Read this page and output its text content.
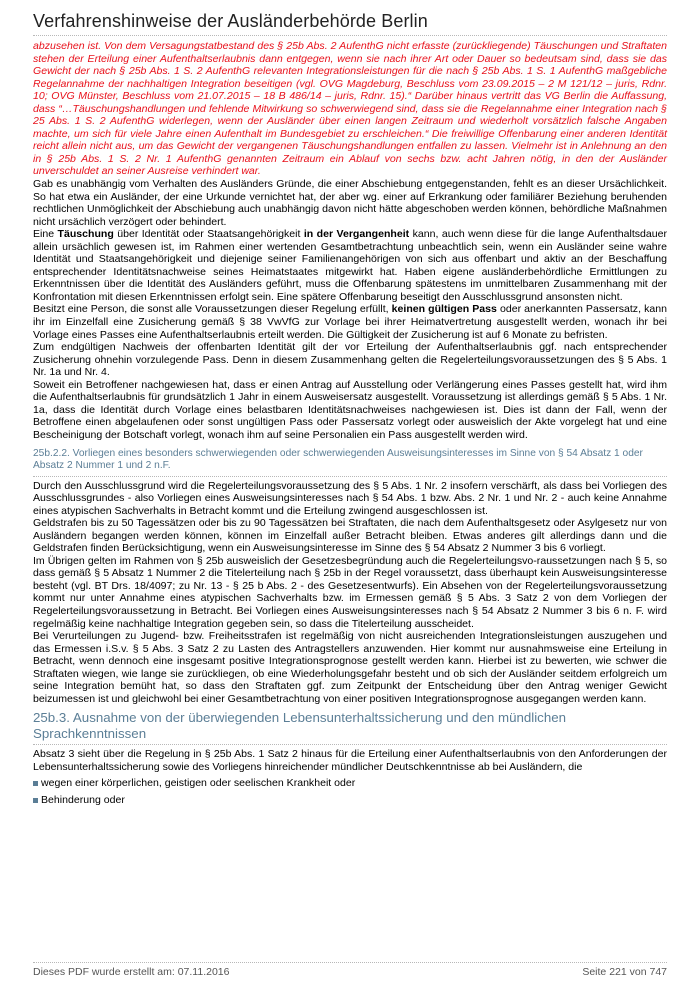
Verfahrenshinweise der Ausländerbehörde Berlin

abzusehen ist. Von dem Versagungstatbestand des § 25b Abs. 2 AufenthG nicht erfasste (zurückliegende) Täuschungen und Straftaten stehen der Erteilung einer Aufenthaltserlaubnis dann entgegen, wenn sie nach ihrer Art oder Dauer so bedeutsam sind, dass sie das Gewicht der nach § 25b Abs. 1 S. 2 AufenthG relevanten Integrationsleistungen für die nach § 25b Abs. 1 S. 1 AufenthG maßgebliche Regelannahme der nachhaltigen Integration beseitigen (vgl. OVG Magdeburg, Beschluss vom 23.09.2015 – 2 M 121/12 – juris, Rdnr. 10; OVG Münster, Beschluss vom 21.07.2015 – 18 B 486/14 – juris, Rdnr. 15).“ Darüber hinaus vertritt das VG Berlin die Auffassung, dass “…Täuschungshandlungen und fehlende Mitwirkung so schwerwiegend sind, dass sie die Regelannahme einer Integration nach § 25 Abs. 1 S. 2 AufenthG widerlegen, wenn der Ausländer über einen langen Zeitraum und wiederholt vorsätzlich falsche Angaben machte, um sich für viele Jahre einen Aufenthalt im Bundesgebiet zu erschleichen.“ Die freiwillige Offenbarung einer anderen Identität reicht allein nicht aus, um das Gewicht der vergangenen Täuschungshandlungen entfallen zu lassen. Vielmehr ist in Anlehnung an den in § 25b Abs. 1 S. 2 Nr. 1 AufenthG genannten Zeitraum ein Ablauf von sechs bzw. acht Jahren nötig, in den der Ausländer unverschuldet an seiner Ausreise verhindert war.

Gab es unabhängig vom Verhalten des Ausländers Gründe, die einer Abschiebung entgegenstanden, fehlt es an dieser Ursächlichkeit. So hat etwa ein Ausländer, der eine Urkunde vernichtet hat, der aber wg. einer auf Erkrankung oder familiärer Beziehung beruhenden rechtlichen Unmöglichkeit der Abschiebung auch unabhängig davon nicht hätte abgeschoben werden können, behördliche Maßnahmen nicht ursächlich verzögert oder behindert.

Eine Täuschung über Identität oder Staatsangehörigkeit in der Vergangenheit kann, auch wenn diese für die lange Aufenthaltsdauer allein ursächlich gewesen ist, im Rahmen einer wertenden Gesamtbetrachtung unbeachtlich sein, wenn ein Ausländer seine wahre Identität und Staatsangehörigkeit und diejenige seiner Familienangehörigen von sich aus offenbart und aktiv an der Beschaffung entsprechender Identitätsnachweise seines Heimatstaates mitgewirkt hat. Haben eigene ausländerbehördliche Ermittlungen zu Erkenntnissen über die Identität des Ausländers geführt, muss die Offenbarung spätestens im unmittelbaren Zusammenhang mit der Konfrontation mit diesen Erkenntnissen erfolgt sein. Eine spätere Offenbarung beseitigt den Ausschlussgrund ansonsten nicht.

Besitzt eine Person, die sonst alle Voraussetzungen dieser Regelung erfüllt, keinen gültigen Pass oder anerkannten Passersatz, kann ihr im Einzelfall eine Zusicherung gemäß § 38 VwVfG zur Vorlage bei ihrer Heimatvertretung ausgestellt werden, wonach ihr bei Vorlage eines Passes eine Aufenthaltserlaubnis erteilt werden. Die Gültigkeit der Zusicherung ist auf 6 Monate zu befristen.

Zum endgültigen Nachweis der offenbarten Identität gilt der vor Erteilung der Aufenthaltserlaubnis ggf. nach entsprechender Zusicherung ohnehin vorzulegende Pass. Denn in diesem Zusammenhang gelten die Regelerteilungsvoraussetzungen des § 5 Abs. 1 Nr. 1a und Nr. 4.

Soweit ein Betroffener nachgewiesen hat, dass er einen Antrag auf Ausstellung oder Verlängerung eines Passes gestellt hat, wird ihm die Aufenthaltserlaubnis für grundsätzlich 1 Jahr in einem Ausweisersatz ausgestellt. Voraussetzung ist allerdings gemäß § 5 Abs. 1 Nr. 1a, dass die Identität durch Vorlage eines belastbaren Identitätsnachweises nachgewiesen ist. Dies ist dann der Fall, wenn der Betroffene einen abgelaufenen oder sonst ungültigen Pass oder Passersatz vorlegt oder ausweislich der Akte vorgelegt hat und eine Bescheinigung der Botschaft vorlegt, wonach ihm auf seine Personalien ein Pass ausgestellt werden wird.

25b.2.2. Vorliegen eines besonders schwerwiegenden oder schwerwiegenden Ausweisungsinteresses im Sinne von § 54 Absatz 1 oder Absatz 2 Nummer 1 und 2 n.F.

Durch den Ausschlussgrund wird die Regelerteilungsvoraussetzung des § 5 Abs. 1 Nr. 2 insofern verschärft, als dass bei Vorliegen des Ausschlussgrundes - also Vorliegen eines Ausweisungsinteresses nach § 54 Abs. 1 bzw. Abs. 2 Nr. 1 und Nr. 2 - auch keine Annahme eines atypischen Sachverhalts in Betracht kommt und die Erteilung zwingend ausgeschlossen ist.

Geldstrafen bis zu 50 Tagessätzen oder bis zu 90 Tagessätzen bei Straftaten, die nach dem Aufenthaltsgesetz oder Asylgesetz nur von Ausländern begangen werden können, können im Einzelfall außer Betracht bleiben. Etwas anderes gilt allerdings dann und die Geldstrafen finden Berücksichtigung, wenn ein Ausweisungsinteresse im Sinne des § 54 Absatz 2 Nummer 3 bis 6 vorliegt.

Im Übrigen gelten im Rahmen von § 25b ausweislich der Gesetzesbegründung auch die Regelerteilungsvo-raussetzungen nach § 5, so dass gemäß § 5 Absatz 1 Nummer 2 die Titelerteilung nach § 25b in der Regel voraussetzt, dass überhaupt kein Ausweisungsinteresse besteht (vgl. BT Drs. 18/4097; zu Nr. 13 - § 25 b Abs. 2 - des Gesetzesentwurfs). Ein Absehen von der Regelerteilungsvoraussetzung kommt nur unter Annahme eines atypischen Sachverhalts bzw. im Ermessen gemäß § 5 Abs. 3 Satz 2 von dem Vorliegen der Regelerteilungsvoraussetzung in Betracht. Bei Vorliegen eines Ausweisungsinteresses nach § 54 Absatz 2 Nummer 3 bis 6 n. F. wird regelmäßig keine nachhaltige Integration gegeben sein, so dass die Titelerteilung ausscheidet.

Bei Verurteilungen zu Jugend- bzw. Freiheitsstrafen ist regelmäßig von nicht ausreichenden Integrationsleistungen auszugehen und das Ermessen i.S.v. § 5 Abs. 3 Satz 2 zu Lasten des Antragstellers anzuwenden. Hier kommt nur ausnahmsweise eine Erteilung in Betracht, wenn dennoch eine insgesamt positive Integrationsprognose gestellt werden kann. Hierbei ist zu bewerten, wie schwer die Straftaten wiegen, wie lange sie zurückliegen, ob eine Wiederholungsgefahr besteht und ob sich der Ausländer seitdem erfolgreich um seine Integration bemüht hat, so dass den Straftaten ggf. zum Zeitpunkt der Entscheidung über den Antrag weniger Gewicht beizumessen ist und gleichwohl bei einer Gesamtbetrachtung von einer positiven Integrationsprognose ausgegangen werden kann.

25b.3. Ausnahme von der überwiegenden Lebensunterhaltssicherung und den mündlichen Sprachkenntnissen

Absatz 3 sieht über die Regelung in § 25b Abs. 1 Satz 2 hinaus für die Erteilung einer Aufenthaltserlaubnis von den Anforderungen der Lebensunterhaltssicherung sowie des Vorliegens hinreichender mündlicher Deutschkenntnisse ab bei Ausländern, die

wegen einer körperlichen, geistigen oder seelischen Krankheit oder
Behinderung oder
Dieses PDF wurde erstellt am: 07.11.2016	Seite 221 von 747
